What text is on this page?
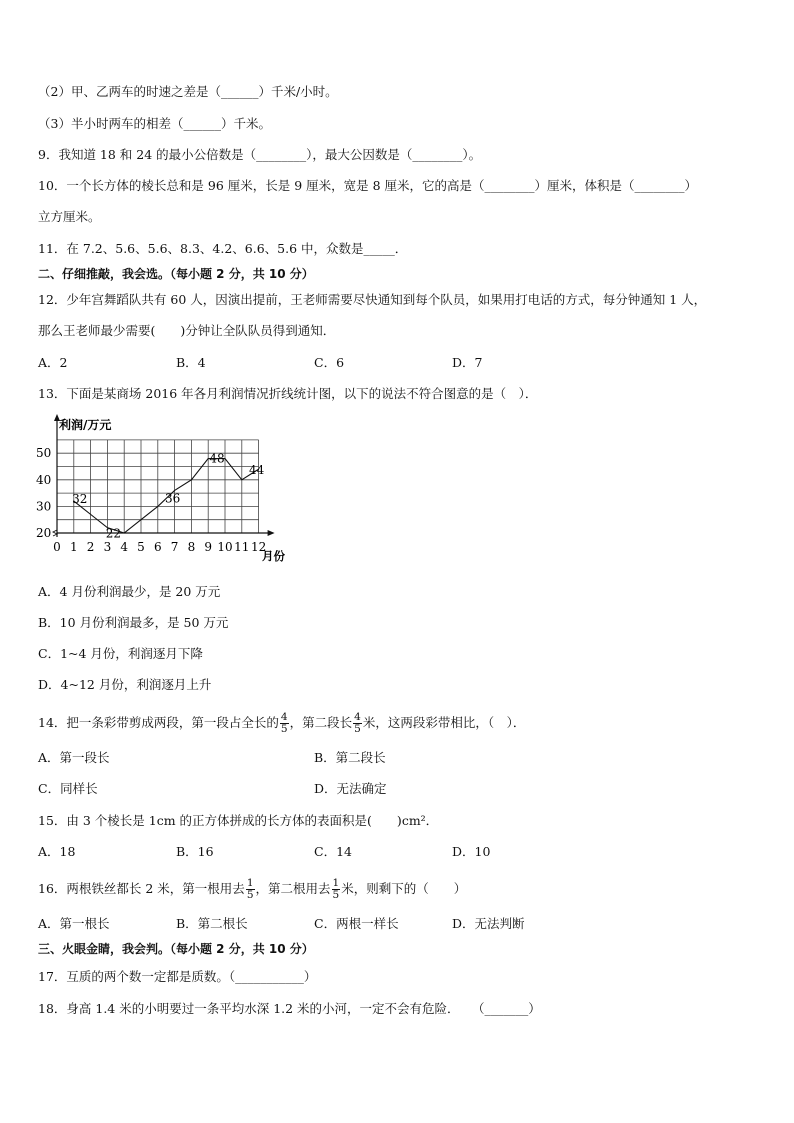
（2）甲、乙两车的时速之差是（______）千米/小时。
（3）半小时两车的相差（______）千米。
9．我知道 18 和 24 的最小公倍数是（________），最大公因数是（________）。
10．一个长方体的棱长总和是 96 厘米，长是 9 厘米，宽是 8 厘米，它的高是（________）厘米，体积是（________）
立方厘米。
11．在 7.2、5.6、5.6、8.3、4.2、6.6、5.6 中，众数是_____．
二、仔细推敲，我会选。（每小题 2 分，共 10 分）
12．少年宫舞蹈队共有 60 人，因演出提前，王老师需要尽快通知到每个队员，如果用打电话的方式，每分钟通知 1 人，
那么王老师最少需要(　　)分钟让全队队员得到通知．
A．2	B．4	C．6	D．7
13．下面是某商场 2016 年各月利润情况折线统计图，以下的说法不符合图意的是（　）．
20
30
40
50
0 1 2 3 4 5 6 7 8 9 10 11 12
32
22
36
48
44
利润/万元
月份
A．4 月份利润最少，是 20 万元
B．10 月份利润最多，是 50 万元
C．1~4 月份，利润逐月下降
D．4~12 月份，利润逐月上升
14．把一条彩带剪成两段，第一段占全长的 $\frac{4}{5}$ ，第二段长 $\frac{4}{5}$ 米，这两段彩带相比，（　）．
A．第一段长	B．第二段长
C．同样长	D．无法确定
15．由 3 个棱长是 1cm 的正方体拼成的长方体的表面积是(　　)cm²．
A．18	B．16	C．14	D．10
16．两根铁丝都长 2 米，第一根用去 $\frac{1}{5}$ ，第二根用去 $\frac{1}{5}$ 米，则剩下的（　　）
A．第一根长	B．第二根长	C．两根一样长	D．无法判断
三、火眼金睛，我会判。（每小题 2 分，共 10 分）
17．互质的两个数一定都是质数。（___________）
18．身高 1.4 米的小明要过一条平均水深 1.2 米的小河，一定不会有危险．　　（_______）
